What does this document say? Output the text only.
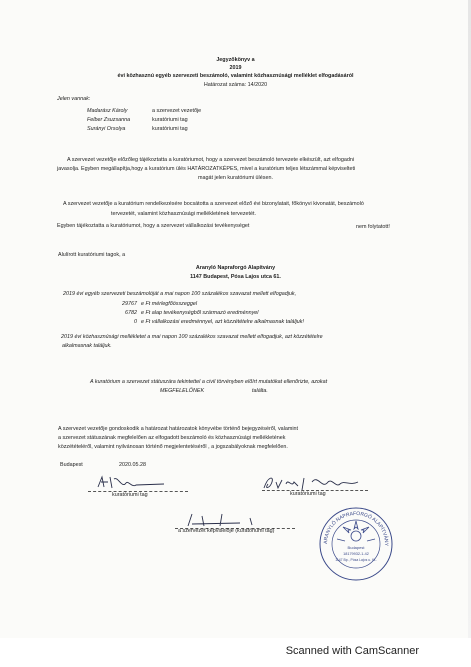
Jegyzőkönyv a
2019
évi közhasznú egyéb szervezeti beszámoló, valamint közhasznúsági melléklet elfogadásáról
Határozat száma: 14/2020
Jelen vannak:
Madarász Károly	a szervezet vezetője
Felber Zsuzsanna	kuratóriumi tag
Surányi Orsolya	kuratóriumi tag
A szervezet vezetője előzőleg tájékoztatta a kuratóriumot, hogy a szervezet beszámoló tervezete elkészült, azt elfogadni
javasolja. Egyben megállapítja,hogy a kuratórium ülés HATÁROZATKÉPES, mivel a kuratórium teljes létszámmal képviselteti
magát jelen kuratóriumi ülésen.
A szervezet vezetője a kuratórium rendelkezésére bocsátotta a szervezet előző évi bizonylatait, főkönyvi kivonatát, beszámoló
tervezetét, valamint közhasznúsági mellékletének tervezetét.
Egyben tájékoztatta a kuratóriumot, hogy a szervezet vállalkozási tevékenységet	nem folytatott!
Alulírott kuratóriumi tagok, a
Aranyló Napraforgó Alapítvány
1147 Budapest, Pósa Lajos utca 61.
2019 évi egyéb szervezeti beszámolóját a mai napon 100 százalékos szavazat mellett elfogadjuk,
29767 e Ft mérlegfőösszeggel
6782 e Ft alap tevékenységből származó eredménnyel
0 e Ft vállalkozási eredménnyel, azt közzétételre alkalmasnak találjuk!
2019 évi közhasznúsági mellékletet a mai napon 100 százalékos szavazat mellett elfogadjuk, azt közzétételre
alkalmasnak találjuk.
A kuratórium a szervezet státuszára tekintettel a civil törvényben előírt mutatókat ellenőrizte, azokat
MEGFELELŐNEK	találta.
A szervezet vezetője gondoskodik a határozat határozatok könyvébe történő bejegyzéséről, valamint
a szervezet státuszának megfelelően az elfogadott beszámoló és közhasznúsági mellékletének
közzétételéről, valamint nyilvánosan történő megjelentetéséről , a jogszabályoknak megfelelően.
Budapest	2020.05.28
kuratóriumi tag	kuratóriumi tag
a szervezet képviselője (kuratóriumi tag)
ARANYLÓ NAPRAFORGÓ ALAPÍTVÁNY
Budapest
18179932-1-42
1147 Bp., Pósa Lajos u. 61.
Scanned with CamScanner
